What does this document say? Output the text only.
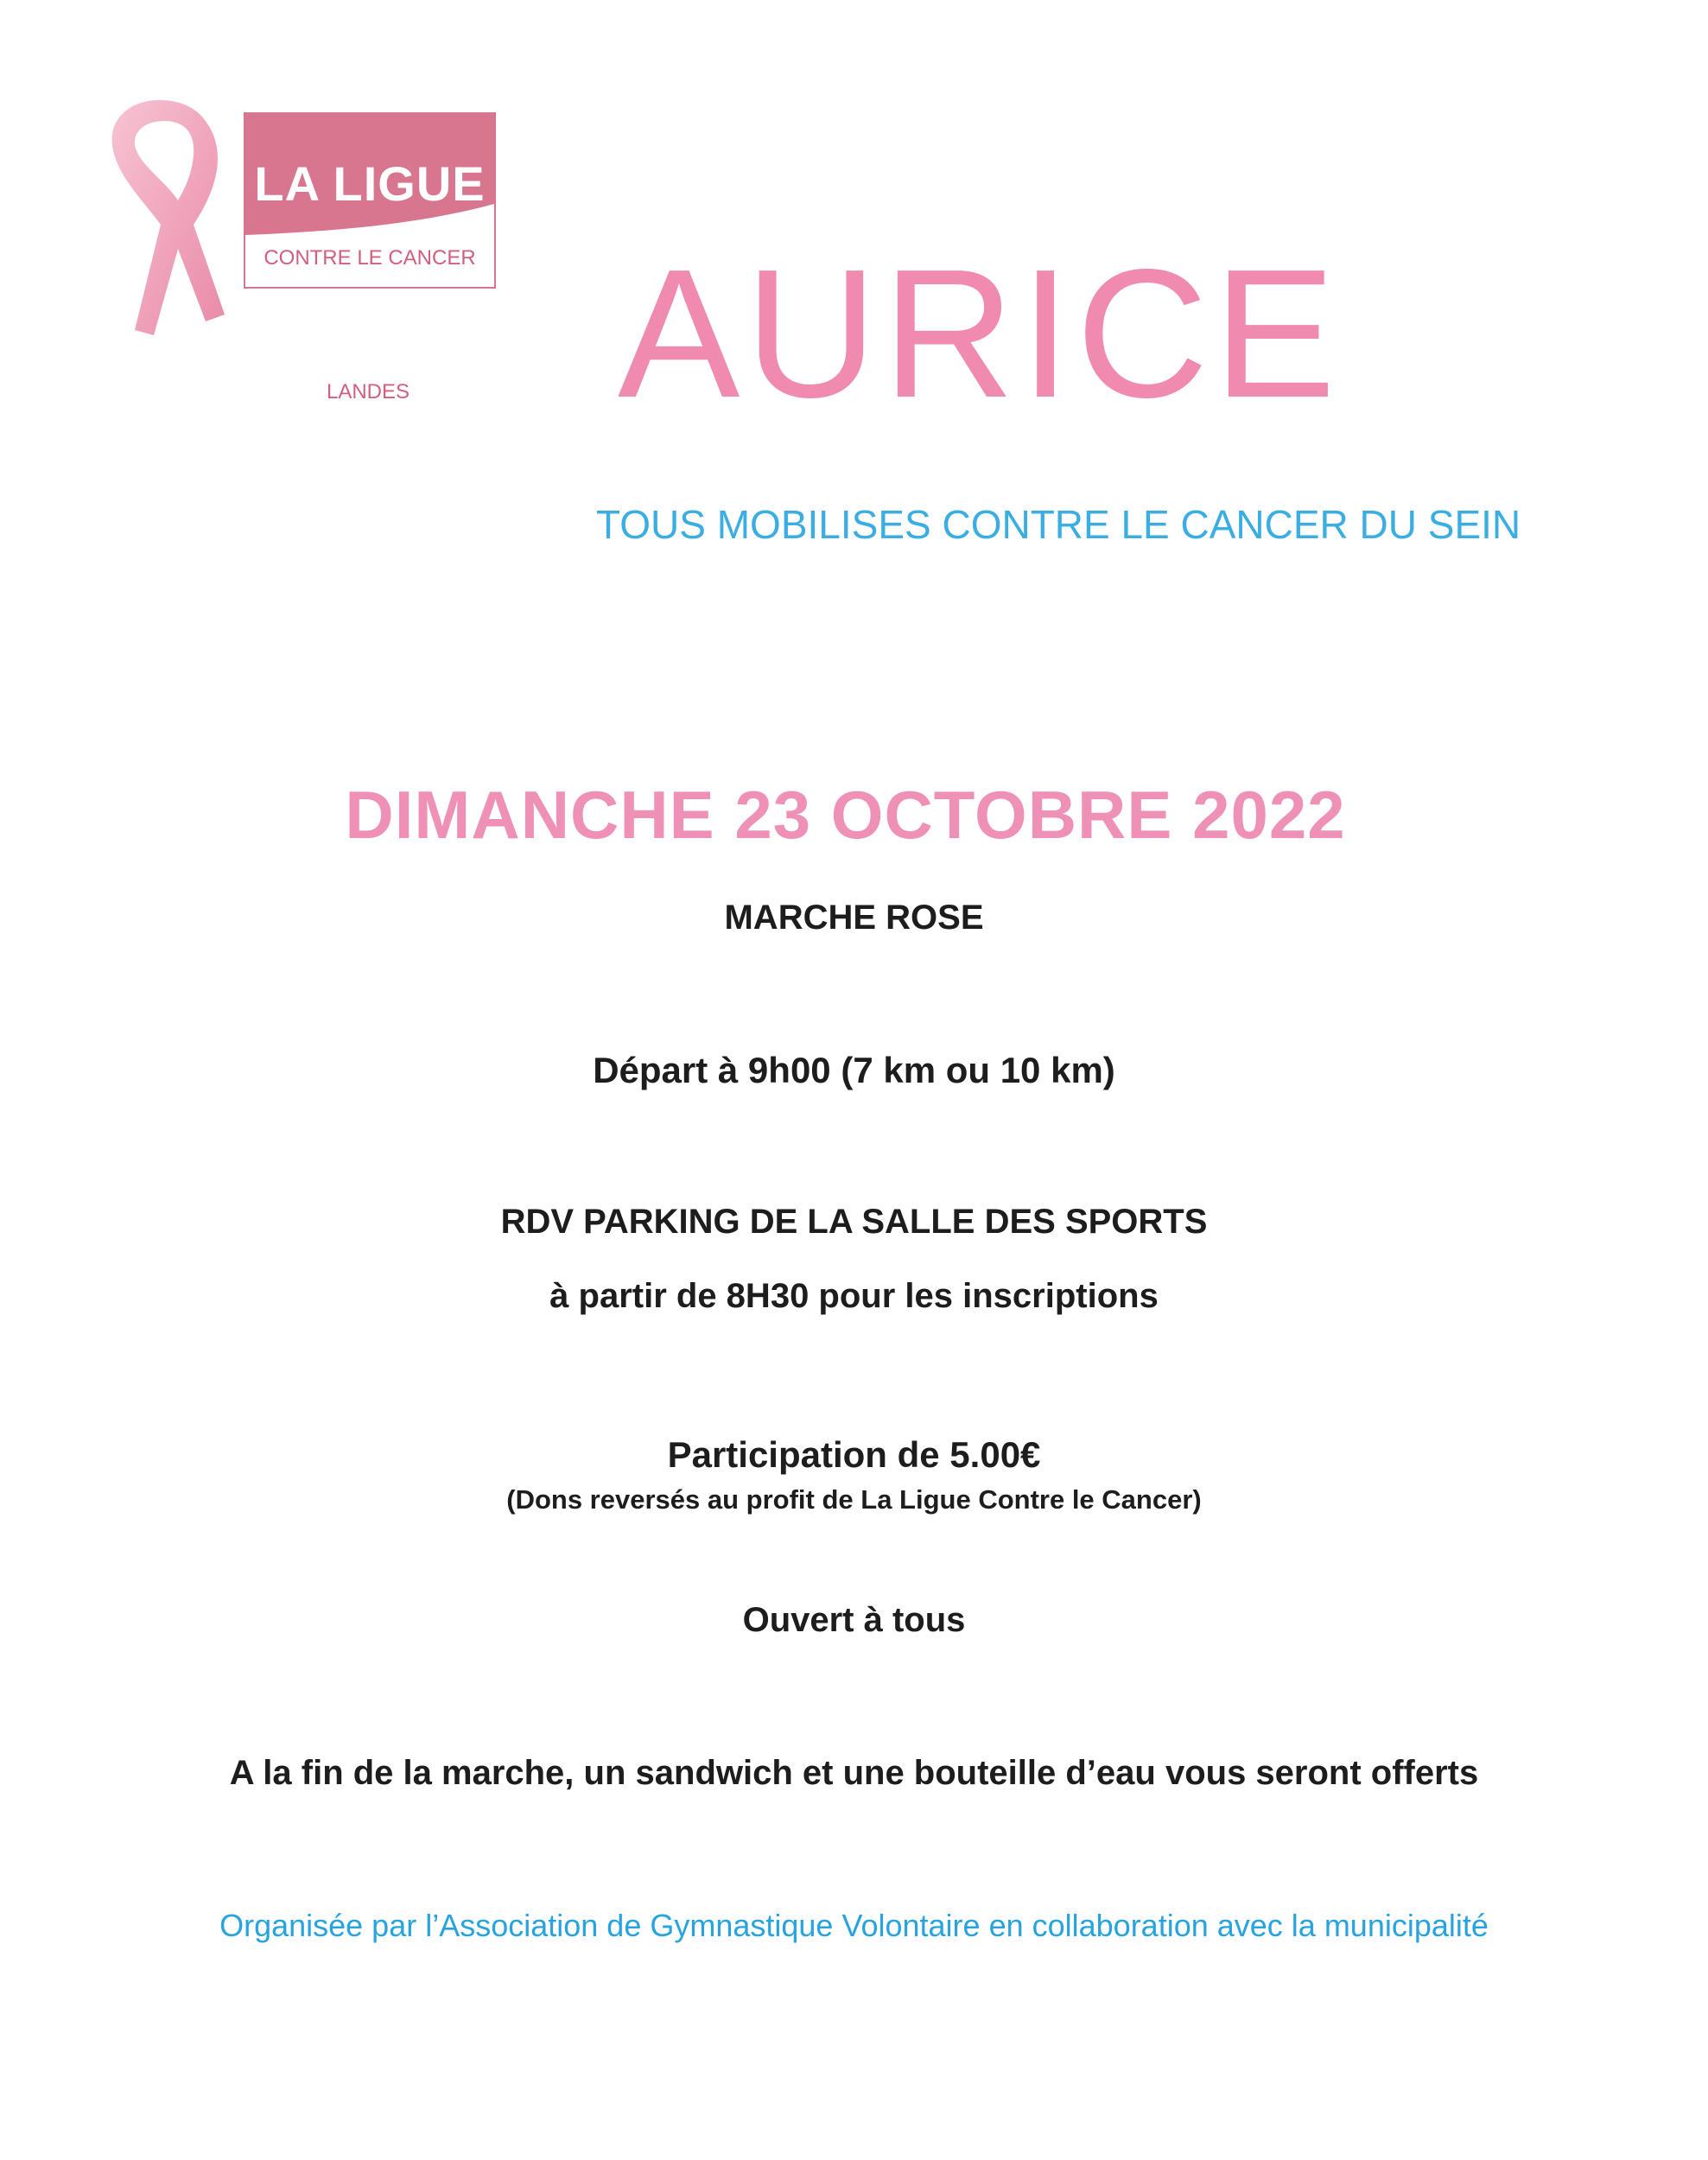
LA LIGUE
CONTRE LE CANCER
LANDES	AURICE
TOUS MOBILISES CONTRE LE CANCER DU SEIN
DIMANCHE 23 OCTOBRE 2022
MARCHE ROSE
Départ à 9h00 (7 km ou 10 km)
RDV PARKING DE LA SALLE DES SPORTS
à partir de 8H30 pour les inscriptions
Participation de 5.00€
(Dons reversés au profit de La Ligue Contre le Cancer)
Ouvert à tous
A la fin de la marche, un sandwich et une bouteille d’eau vous seront offerts
Organisée par l’Association de Gymnastique Volontaire en collaboration avec la municipalité
